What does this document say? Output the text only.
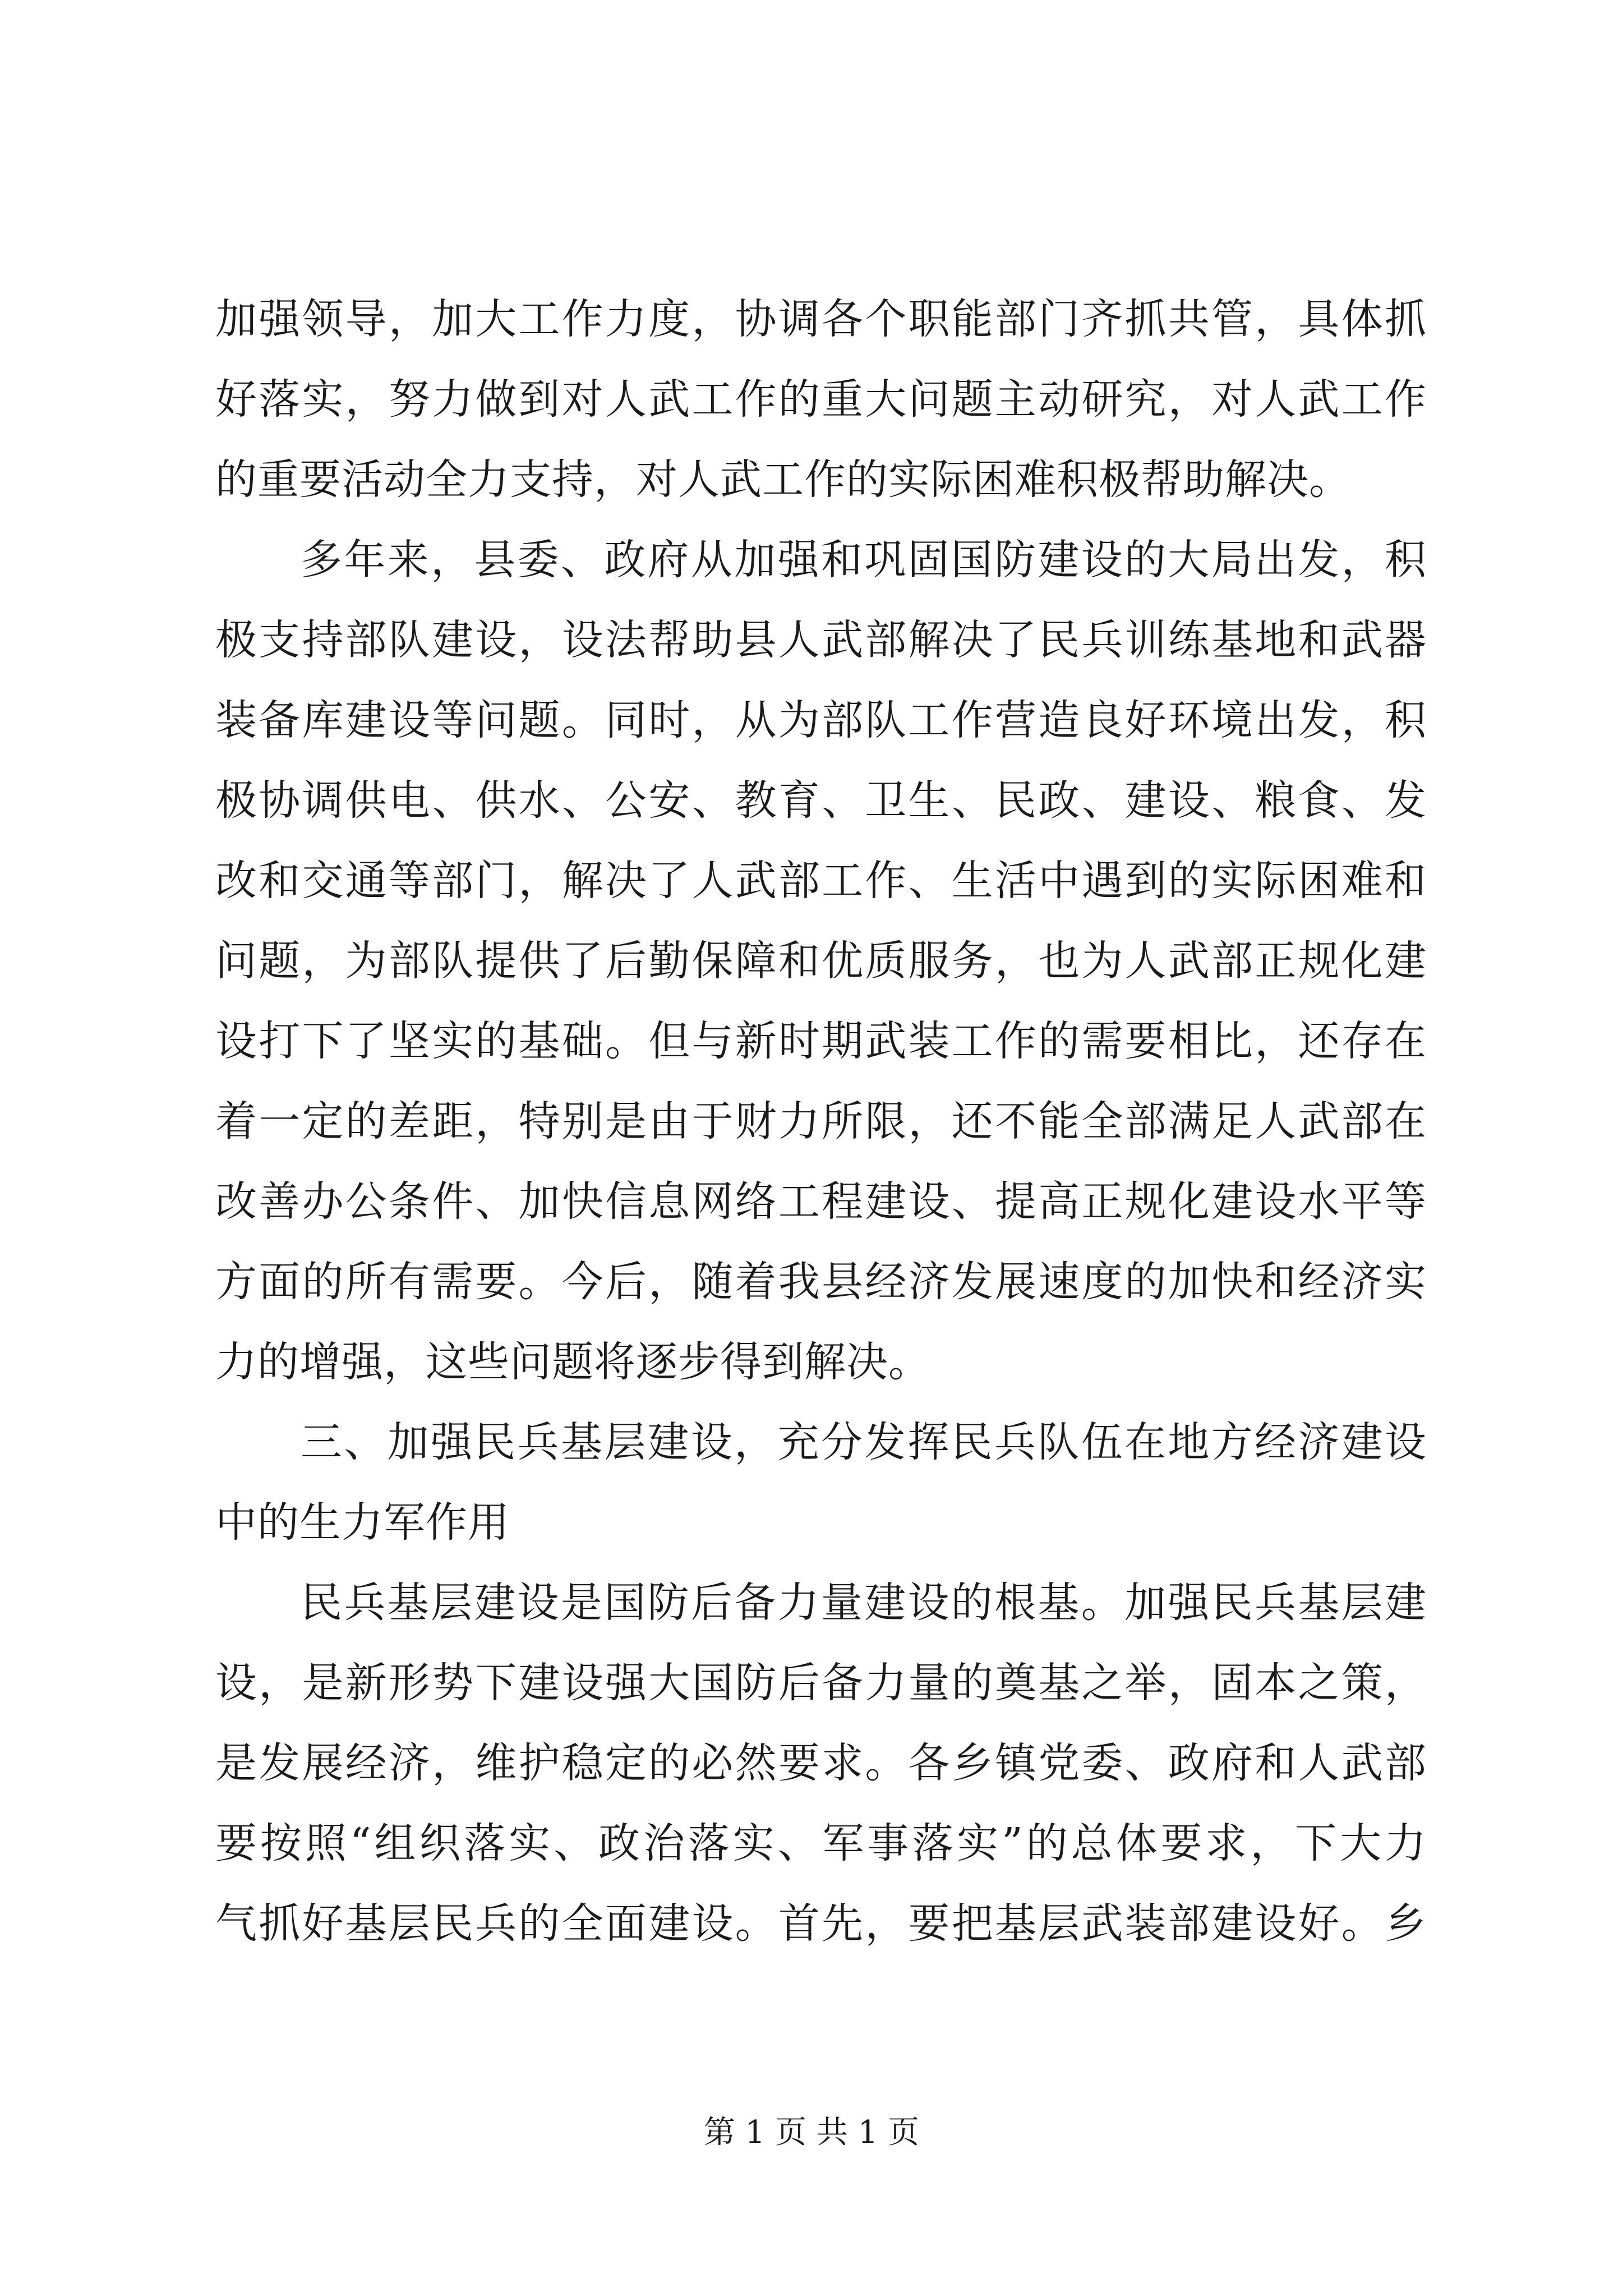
加强领导，加大工作力度，协调各个职能部门齐抓共管，具体抓
好落实，努力做到对人武工作的重大问题主动研究，对人武工作
的重要活动全力支持，对人武工作的实际困难积极帮助解决。
多年来，县委、政府从加强和巩固国防建设的大局出发，积
极支持部队建设，设法帮助县人武部解决了民兵训练基地和武器
装备库建设等问题。同时，从为部队工作营造良好环境出发，积
极协调供电、供水、公安、教育、卫生、民政、建设、粮食、发
改和交通等部门，解决了人武部工作、生活中遇到的实际困难和
问题，为部队提供了后勤保障和优质服务，也为人武部正规化建
设打下了坚实的基础。但与新时期武装工作的需要相比，还存在
着一定的差距，特别是由于财力所限，还不能全部满足人武部在
改善办公条件、加快信息网络工程建设、提高正规化建设水平等
方面的所有需要。今后，随着我县经济发展速度的加快和经济实
力的增强，这些问题将逐步得到解决。
三、加强民兵基层建设，充分发挥民兵队伍在地方经济建设
中的生力军作用
民兵基层建设是国防后备力量建设的根基。加强民兵基层建
设，是新形势下建设强大国防后备力量的奠基之举，固本之策，
是发展经济，维护稳定的必然要求。各乡镇党委、政府和人武部
要按照“组织落实、政治落实、军事落实”的总体要求，下大力
气抓好基层民兵的全面建设。首先，要把基层武装部建设好。乡
第 1 页 共 1 页
